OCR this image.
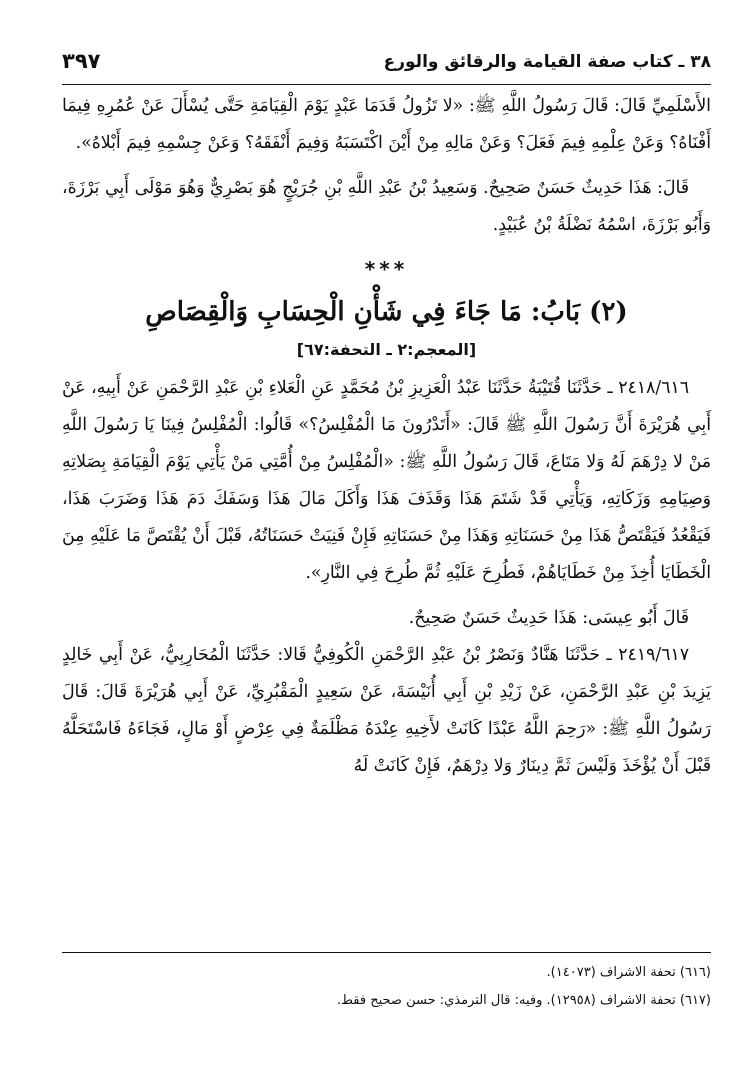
٣٨ ـ كتاب صفة القيامة والرقائق والورع
٣٩٧

الأَسْلَمِيِّ قَالَ: قَالَ رَسُولُ اللَّهِ ﷺ: «لا تَزُولُ قَدَمَا عَبْدٍ يَوْمَ الْقِيَامَةِ حَتَّى يُسْأَلَ عَنْ عُمُرِهِ فِيمَا أَفْنَاهُ؟ وَعَنْ عِلْمِهِ فِيمَ فَعَلَ؟ وَعَنْ مَالِهِ مِنْ أَيْنَ اكْتَسَبَهُ وَفِيمَ أَنْفَقَهُ؟ وَعَنْ جِسْمِهِ فِيمَ أَبْلاهُ».

قَالَ: هَذَا حَدِيثٌ حَسَنٌ صَحِيحٌ. وَسَعِيدُ بْنُ عَبْدِ اللَّهِ بْنِ جُرَيْجٍ هُوَ بَصْرِيٌّ وَهُوَ مَوْلَى أَبِي بَرْزَةَ، وَأَبُو بَرْزَةَ، اسْمُهُ نَضْلَةُ بْنُ عُبَيْدٍ.

***

(٢) بَابُ: مَا جَاءَ فِي شَأْنِ الْحِسَابِ وَالْقِصَاصِ

[المعجم:٢ ـ التحفة:٦٧]

٢٤١٨/٦١٦ ـ حَدَّثَنَا قُتَيْبَةُ حَدَّثَنَا عَبْدُ الْعَزِيزِ بْنُ مُحَمَّدٍ عَنِ الْعَلاءِ بْنِ عَبْدِ الرَّحْمَنِ عَنْ أَبِيهِ، عَنْ أَبِي هُرَيْرَةَ أَنَّ رَسُولَ اللَّهِ ﷺ قَالَ: «أَتَدْرُونَ مَا الْمُفْلِسُ؟» قَالُوا: الْمُفْلِسُ فِينَا يَا رَسُولَ اللَّهِ مَنْ لا دِرْهَمَ لَهُ وَلا مَتَاعَ، قَالَ رَسُولُ اللَّهِ ﷺ: «الْمُفْلِسُ مِنْ أُمَّتِي مَنْ يَأْتِي يَوْمَ الْقِيَامَةِ بِصَلاتِهِ وَصِيَامِهِ وَزَكَاتِهِ، وَيَأْتِي قَدْ شَتَمَ هَذَا وَقَذَفَ هَذَا وَأَكَلَ مَالَ هَذَا وَسَفَكَ دَمَ هَذَا وَضَرَبَ هَذَا، فَيَقْعُدُ فَيَقْتَصُّ هَذَا مِنْ حَسَنَاتِهِ وَهَذَا مِنْ حَسَنَاتِهِ فَإِنْ فَنِيَتْ حَسَنَاتُهُ، قَبْلَ أَنْ يُقْتَصَّ مَا عَلَيْهِ مِنَ الْخَطَايَا أُخِذَ مِنْ خَطَايَاهُمْ، فَطُرِحَ عَلَيْهِ ثُمَّ طُرِحَ فِي النَّارِ».

قَالَ أَبُو عِيسَى: هَذَا حَدِيثٌ حَسَنٌ صَحِيحٌ.

٢٤١٩/٦١٧ ـ حَدَّثَنَا هَنَّادٌ وَنَصْرُ بْنُ عَبْدِ الرَّحْمَنِ الْكُوفِيُّ قَالا: حَدَّثَنَا الْمُحَارِبِيُّ، عَنْ أَبِي خَالِدٍ يَزِيدَ بْنِ عَبْدِ الرَّحْمَنِ، عَنْ زَيْدِ بْنِ أَبِي أُنَيْسَةَ، عَنْ سَعِيدٍ الْمَقْبُرِيِّ، عَنْ أَبِي هُرَيْرَةَ قَالَ: قَالَ رَسُولُ اللَّهِ ﷺ: «رَحِمَ اللَّهُ عَبْدًا كَانَتْ لأَخِيهِ عِنْدَهُ مَظْلَمَةٌ فِي عِرْضٍ أَوْ مَالٍ، فَجَاءَهُ فَاسْتَحَلَّهُ قَبْلَ أَنْ يُؤْخَذَ وَلَيْسَ ثَمَّ دِينَارٌ وَلا دِرْهَمٌ، فَإِنْ كَانَتْ لَهُ

(٦١٦) تحفة الاشراف (١٤٠٧٣).

(٦١٧) تحفة الاشراف (١٢٩٥٨). وفيه: قال الترمذي: حسن صحيح فقط.
